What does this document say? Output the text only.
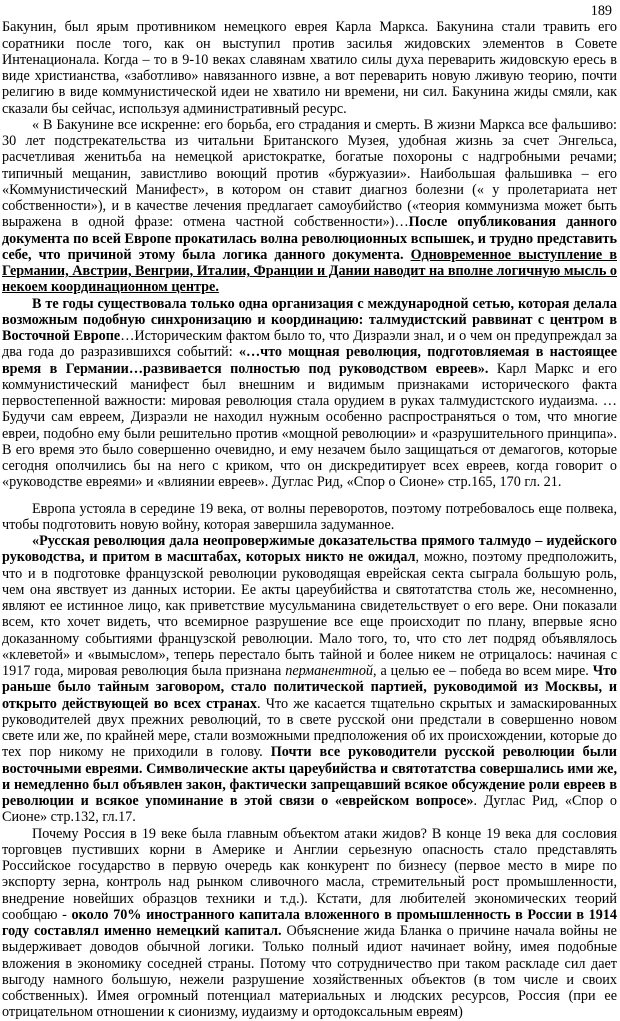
189

Бакунин, был ярым противником немецкого еврея Карла Маркса. Бакунина стали травить его соратники после того, как он выступил против засилья жидовских элементов в Совете Интенационала. Когда – то в 9-10 веках славянам хватило силы духа переварить жидовскую ересь в виде христианства, «заботливо» навязанного извне, а вот переварить новую лживую теорию, почти религию в виде коммунистической идеи не хватило ни времени, ни сил. Бакунина жиды смяли, как сказали бы сейчас, используя административный ресурс.

« В Бакунине все искренне: его борьба, его страдания и смерть. В жизни Маркса все фальшиво: 30 лет подстрекательства из читальни Британского Музея, удобная жизнь за счет Энгельса, расчетливая женитьба на немецкой аристократке, богатые похороны с надгробными речами; типичный мещанин, завистливо воющий против «буржуазии». Наибольшая фальшивка – его «Коммунистический Манифест», в котором он ставит диагноз болезни (« у пролетариата нет собственности»), и в качестве лечения предлагает самоубийство («теория коммунизма может быть выражена в одной фразе: отмена частной собственности»)…После опубликования данного документа по всей Европе прокатилась волна революционных вспышек, и трудно представить себе, что причиной этому была логика данного документа. Одновременное выступление в Германии, Австрии, Венгрии, Италии, Франции и Дании наводит на вполне логичную мысль о некоем координационном центре.

В те годы существовала только одна организация с международной сетью, которая делала возможным подобную синхронизацию и координацию: талмудистский раввинат с центром в Восточной Европе…Историческим фактом было то, что Дизраэли знал, и о чем он предупреждал за два года до разразившихся событий: «…что мощная революция, подготовляемая в настоящее время в Германии…развивается полностью под руководством евреев». Карл Маркс и его коммунистический манифест был внешним и видимым признаками исторического факта первостепенной важности: мировая революция стала орудием в руках талмудистского иудаизма. … Будучи сам евреем, Дизраэли не находил нужным особенно распространяться о том, что многие евреи, подобно ему были решительно против «мощной революции» и «разрушительного принципа». В его время это было совершенно очевидно, и ему незачем было защищаться от демагогов, которые сегодня ополчились бы на него с криком, что он дискредитирует всех евреев, когда говорит о «руководстве евреями» и «влиянии евреев». Дуглас Рид, «Спор о Сионе» стр.165, 170 гл. 21.

Европа устояла в середине 19 века, от волны переворотов, поэтому потребовалось еще полвека, чтобы подготовить новую войну, которая завершила задуманное.

«Русская революция дала неопровержимые доказательства прямого талмудо – иудейского руководства, и притом в масштабах, которых никто не ожидал, можно, поэтому предположить, что и в подготовке французской революции руководящая еврейская секта сыграла большую роль, чем она явствует из данных истории. Ее акты цареубийства и святотатства столь же, несомненно, являют ее истинное лицо, как приветствие мусульманина свидетельствует о его вере. Они показали всем, кто хочет видеть, что всемирное разрушение все еще происходит по плану, впервые ясно доказанному событиями французской революции. Мало того, то, что сто лет подряд объявлялось «клеветой» и «вымыслом», теперь перестало быть тайной и более никем не отрицалось: начиная с 1917 года, мировая революция была признана перманентной, а целью ее – победа во всем мире. Что раньше было тайным заговором, стало политической партией, руководимой из Москвы, и открыто действующей во всех странах. Что же касается тщательно скрытых и замаскированных руководителей двух прежних революций, то в свете русской они предстали в совершенно новом свете или же, по крайней мере, стали возможными предположения об их происхождении, которые до тех пор никому не приходили в голову. Почти все руководители русской революции были восточными евреями. Символические акты цареубийства и святотатства совершались ими же, и немедленно был объявлен закон, фактически запрещавший всякое обсуждение роли евреев в революции и всякое упоминание в этой связи о «еврейском вопросе». Дуглас Рид, «Спор о Сионе» стр.132, гл.17.

Почему Россия в 19 веке была главным объектом атаки жидов? В конце 19 века для сословия торговцев пустивших корни в Америке и Англии серьезную опасность стало представлять Российское государство в первую очередь как конкурент по бизнесу (первое место в мире по экспорту зерна, контроль над рынком сливочного масла, стремительный рост промышленности, внедрение новейших образцов техники и т.д.). Кстати, для любителей экономических теорий сообщаю - около 70% иностранного капитала вложенного в промышленность в России в 1914 году составлял именно немецкий капитал. Объяснение жида Бланка о причине начала войны не выдерживает доводов обычной логики. Только полный идиот начинает войну, имея подобные вложения в экономику соседней страны. Потому что сотрудничество при таком раскладе сил дает выгоду намного большую, нежели разрушение хозяйственных объектов (в том числе и своих собственных). Имея огромный потенциал материальных и людских ресурсов, Россия (при ее отрицательном отношении к сионизму, иудаизму и ортодоксальным евреям)
